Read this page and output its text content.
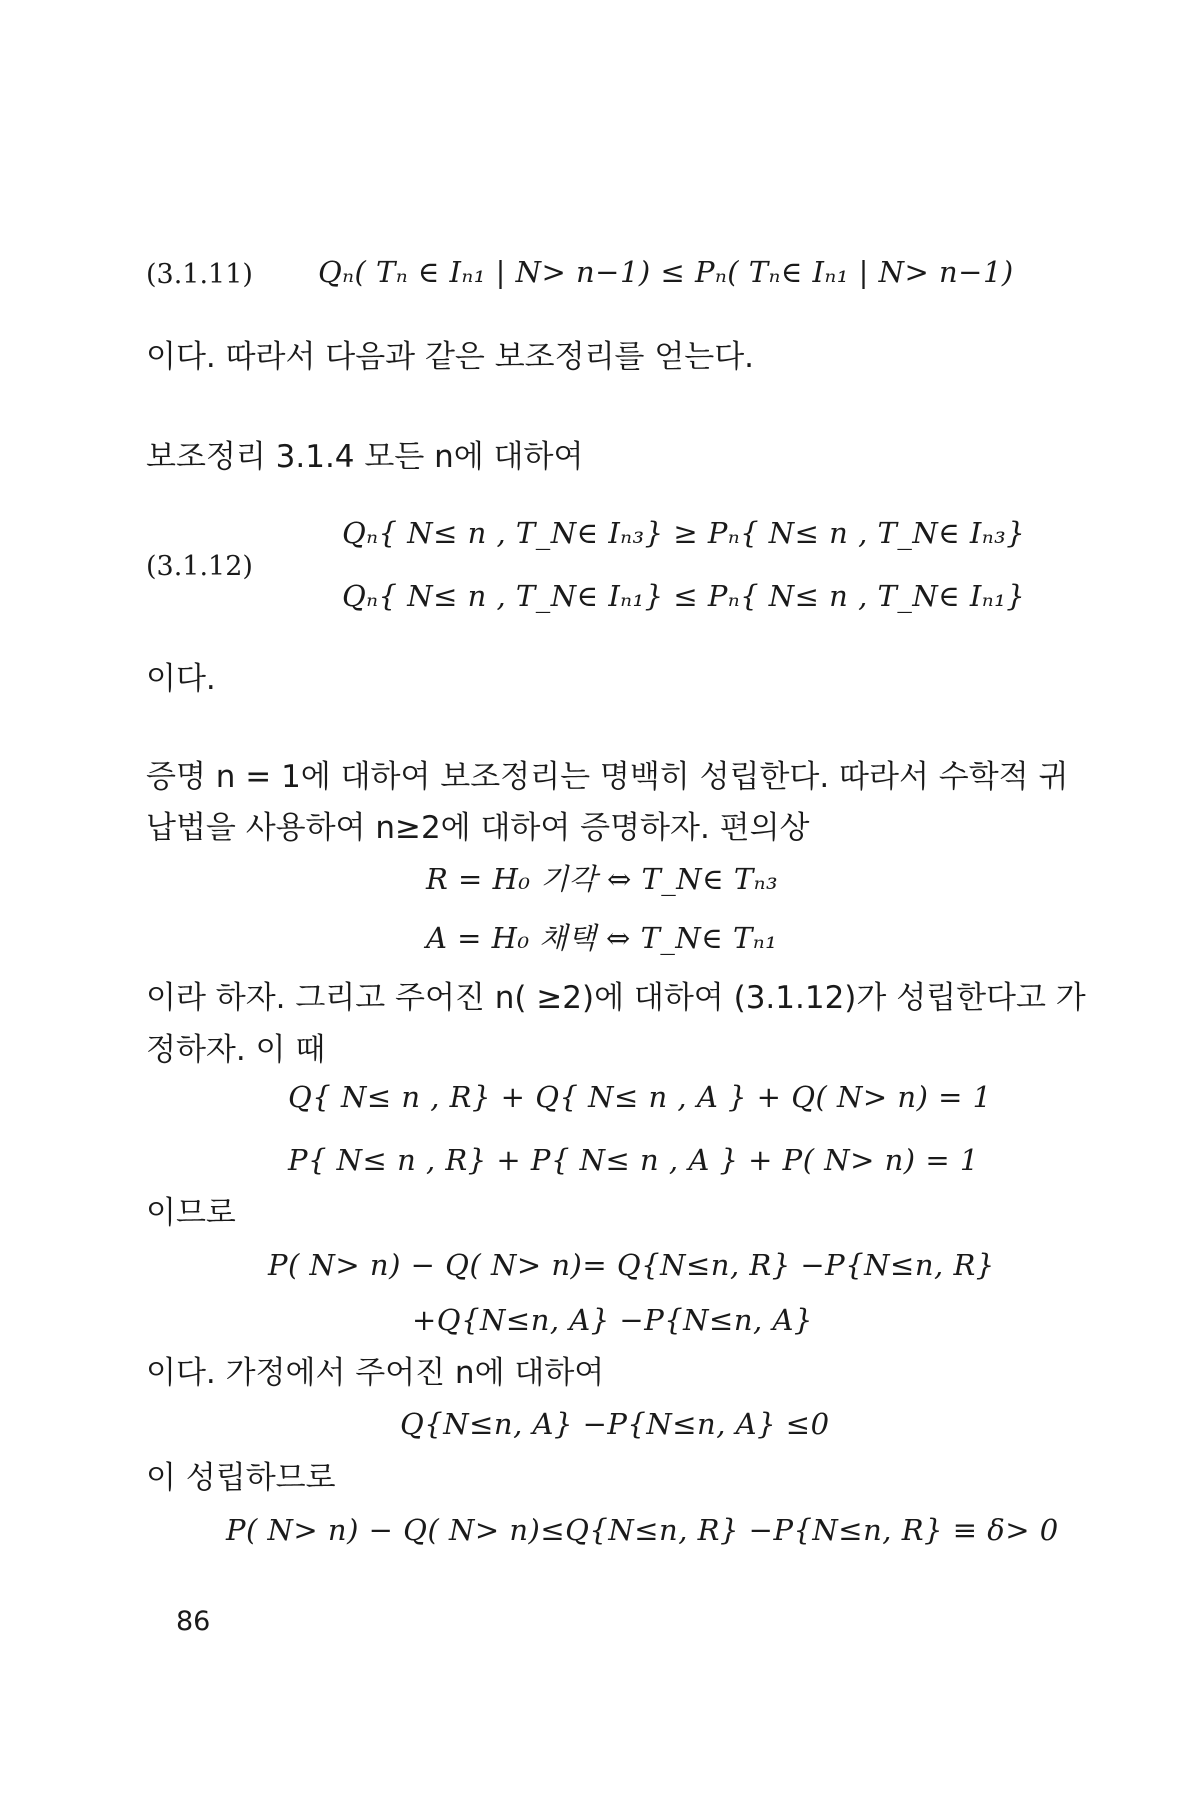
(3.1.11) Qₙ( Tₙ ∈ Iₙ₁ | N> n−1) ≤ Pₙ( Tₙ∈ Iₙ₁ | N> n−1)
이다. 따라서 다음과 같은 보조정리를 얻는다.
보조정리 3.1.4 모든 n에 대하여
Qₙ{ N≤ n , T_N∈ Iₙ₃} ≥ Pₙ{ N≤ n , T_N∈ Iₙ₃}
(3.1.12)
Qₙ{ N≤ n , T_N∈ Iₙ₁} ≤ Pₙ{ N≤ n , T_N∈ Iₙ₁}
이다.
증명 n = 1에 대하여 보조정리는 명백히 성립한다. 따라서 수학적 귀
납법을 사용하여 n≥2에 대하여 증명하자. 편의상
R = H₀ 기각 ⇔ T_N∈ Tₙ₃
A = H₀ 채택 ⇔ T_N∈ Tₙ₁
이라 하자. 그리고 주어진 n( ≥2)에 대하여 (3.1.12)가 성립한다고 가
정하자. 이 때
Q{ N≤ n , R} + Q{ N≤ n , A } + Q( N> n) = 1
P{ N≤ n , R} + P{ N≤ n , A } + P( N> n) = 1
이므로
P( N> n) − Q( N> n)= Q{N≤n, R} −P{N≤n, R}
+Q{N≤n, A} −P{N≤n, A}
이다. 가정에서 주어진 n에 대하여
Q{N≤n, A} −P{N≤n, A} ≤0
이 성립하므로
P( N> n) − Q( N> n)≤Q{N≤n, R} −P{N≤n, R} ≡ δ> 0
86
